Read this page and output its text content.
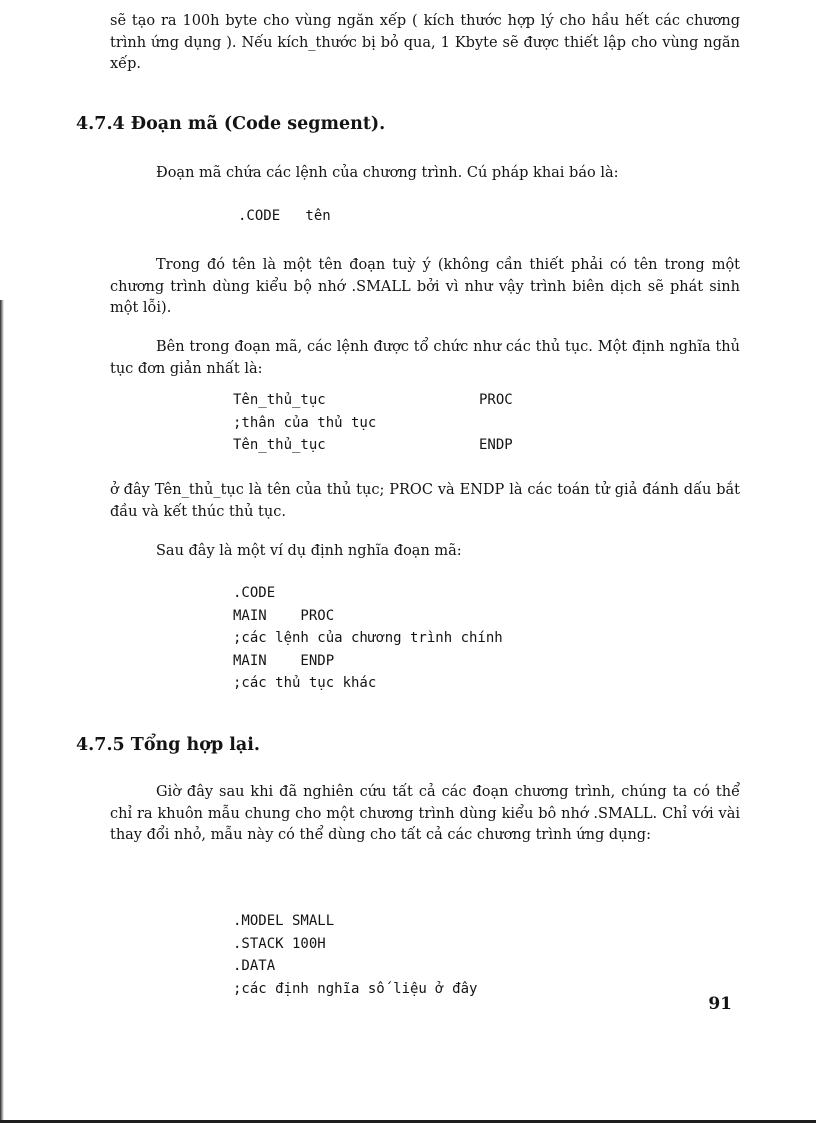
sẽ tạo ra 100h byte cho vùng ngăn xếp ( kích thước hợp lý cho hầu hết các chương trình ứng dụng ). Nếu kích_thước bị bỏ qua, 1 Kbyte sẽ được thiết lập cho vùng ngăn xếp.

4.7.4 Đoạn mã (Code segment).

Đoạn mã chứa các lệnh của chương trình. Cú pháp khai báo là:

.CODE   tên

Trong đó tên là một tên đoạn tuỳ ý (không cần thiết phải có tên trong một chương trình dùng kiểu bộ nhớ .SMALL bởi vì như vậy trình biên dịch sẽ phát sinh một lỗi).

Bên trong đoạn mã, các lệnh được tổ chức như các thủ tục. Một định nghĩa thủ tục đơn giản nhất là:

Tên_thủ_tục	PROC
;thân của thủ tục
Tên_thủ_tục	ENDP

ở đây Tên_thủ_tục là tên của thủ tục; PROC và ENDP là các toán tử giả đánh dấu bắt đầu và kết thúc thủ tục.

Sau đây là một ví dụ định nghĩa đoạn mã:

.CODE
MAIN    PROC
;các lệnh của chương trình chính
MAIN    ENDP
;các thủ tục khác
4.7.5 Tổng hợp lại.

Giờ đây sau khi đã nghiên cứu tất cả các đoạn chương trình, chúng ta có thể chỉ ra khuôn mẫu chung cho một chương trình dùng kiểu bô nhớ .SMALL. Chỉ với vài thay đổi nhỏ, mẫu này có thể dùng cho tất cả các chương trình ứng dụng:

.MODEL SMALL
.STACK 100H
.DATA
;các định nghĩa số liệu ở đây

91
